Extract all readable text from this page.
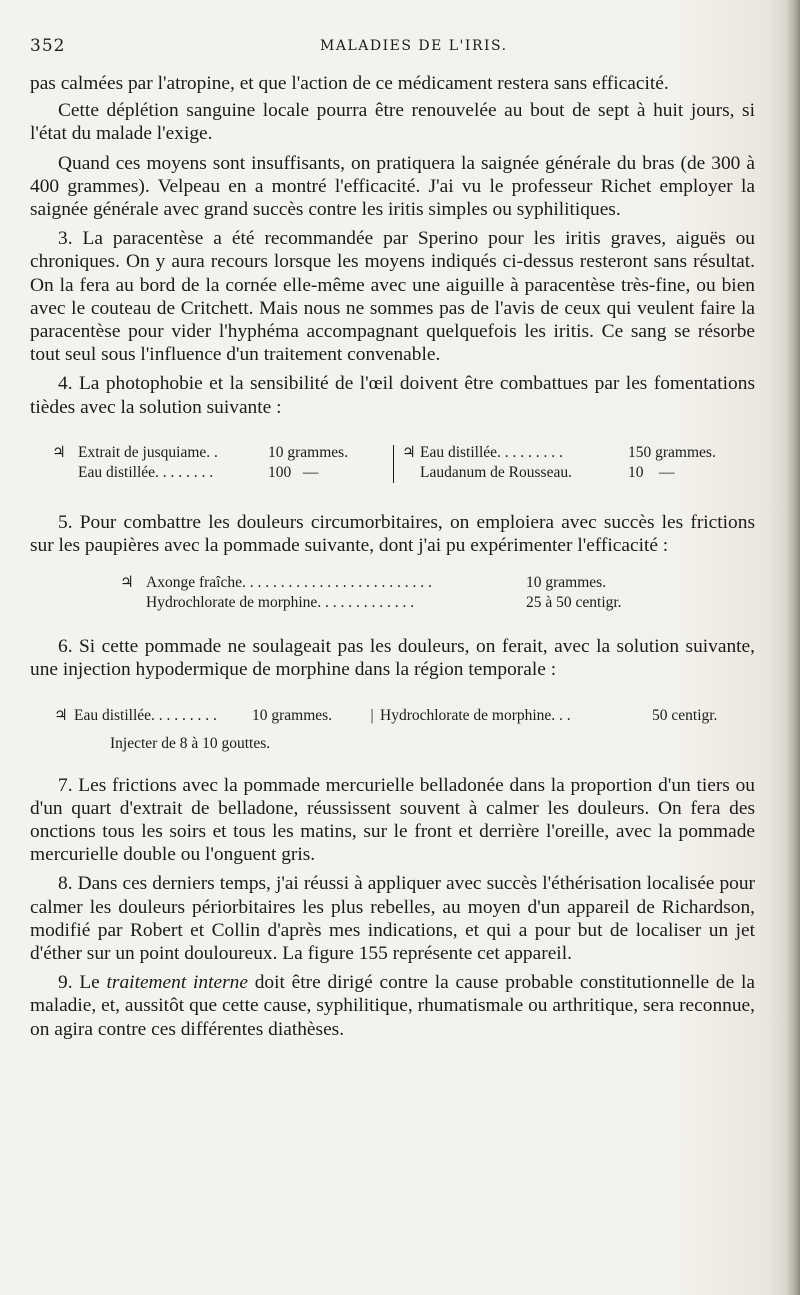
352	MALADIES DE L'IRIS.

pas calmées par l'atropine, et que l'action de ce médicament restera sans efficacité.

Cette déplétion sanguine locale pourra être renouvelée au bout de sept à huit jours, si l'état du malade l'exige.

Quand ces moyens sont insuffisants, on pratiquera la saignée générale du bras (de 300 à 400 grammes). Velpeau en a montré l'efficacité. J'ai vu le professeur Richet employer la saignée générale avec grand succès contre les iritis simples ou syphilitiques.

3. La paracentèse a été recommandée par Sperino pour les iritis graves, aiguës ou chroniques. On y aura recours lorsque les moyens indiqués ci-dessus resteront sans résultat. On la fera au bord de la cornée elle-même avec une aiguille à paracentèse très-fine, ou bien avec le couteau de Critchett. Mais nous ne sommes pas de l'avis de ceux qui veulent faire la paracentèse pour vider l'hyphéma accompagnant quelquefois les iritis. Ce sang se résorbe tout seul sous l'influence d'un traitement convenable.

4. La photophobie et la sensibilité de l'œil doivent être combattues par les fomentations tièdes avec la solution suivante :

♃ Extrait de jusquiame. .	10 grammes.
Eau distillée. . . . . . . .	100 —
♃ Eau distillée. . . . . . . . .	150 grammes.
Laudanum de Rousseau.	10 —

5. Pour combattre les douleurs circumorbitaires, on emploiera avec succès les frictions sur les paupières avec la pommade suivante, dont j'ai pu expérimenter l'efficacité :

♃ Axonge fraîche. . . . . . . . . . . . . . . . . . . . . . . . .	10 grammes.
Hydrochlorate de morphine. . . . . . . . . . . . .	25 à 50 centigr.

6. Si cette pommade ne soulageait pas les douleurs, on ferait, avec la solution suivante, une injection hypodermique de morphine dans la région temporale :

♃ Eau distillée. . . . . . . . .	10 grammes.	| Hydrochlorate de morphine. . .	50 centigr.
Injecter de 8 à 10 gouttes.

7. Les frictions avec la pommade mercurielle belladonée dans la proportion d'un tiers ou d'un quart d'extrait de belladone, réussissent souvent à calmer les douleurs. On fera des onctions tous les soirs et tous les matins, sur le front et derrière l'oreille, avec la pommade mercurielle double ou l'onguent gris.

8. Dans ces derniers temps, j'ai réussi à appliquer avec succès l'éthérisation localisée pour calmer les douleurs périorbitaires les plus rebelles, au moyen d'un appareil de Richardson, modifié par Robert et Collin d'après mes indications, et qui a pour but de localiser un jet d'éther sur un point douloureux. La figure 155 représente cet appareil.

9. Le traitement interne doit être dirigé contre la cause probable constitutionnelle de la maladie, et, aussitôt que cette cause, syphilitique, rhumatismale ou arthritique, sera reconnue, on agira contre ces différentes diathèses.
